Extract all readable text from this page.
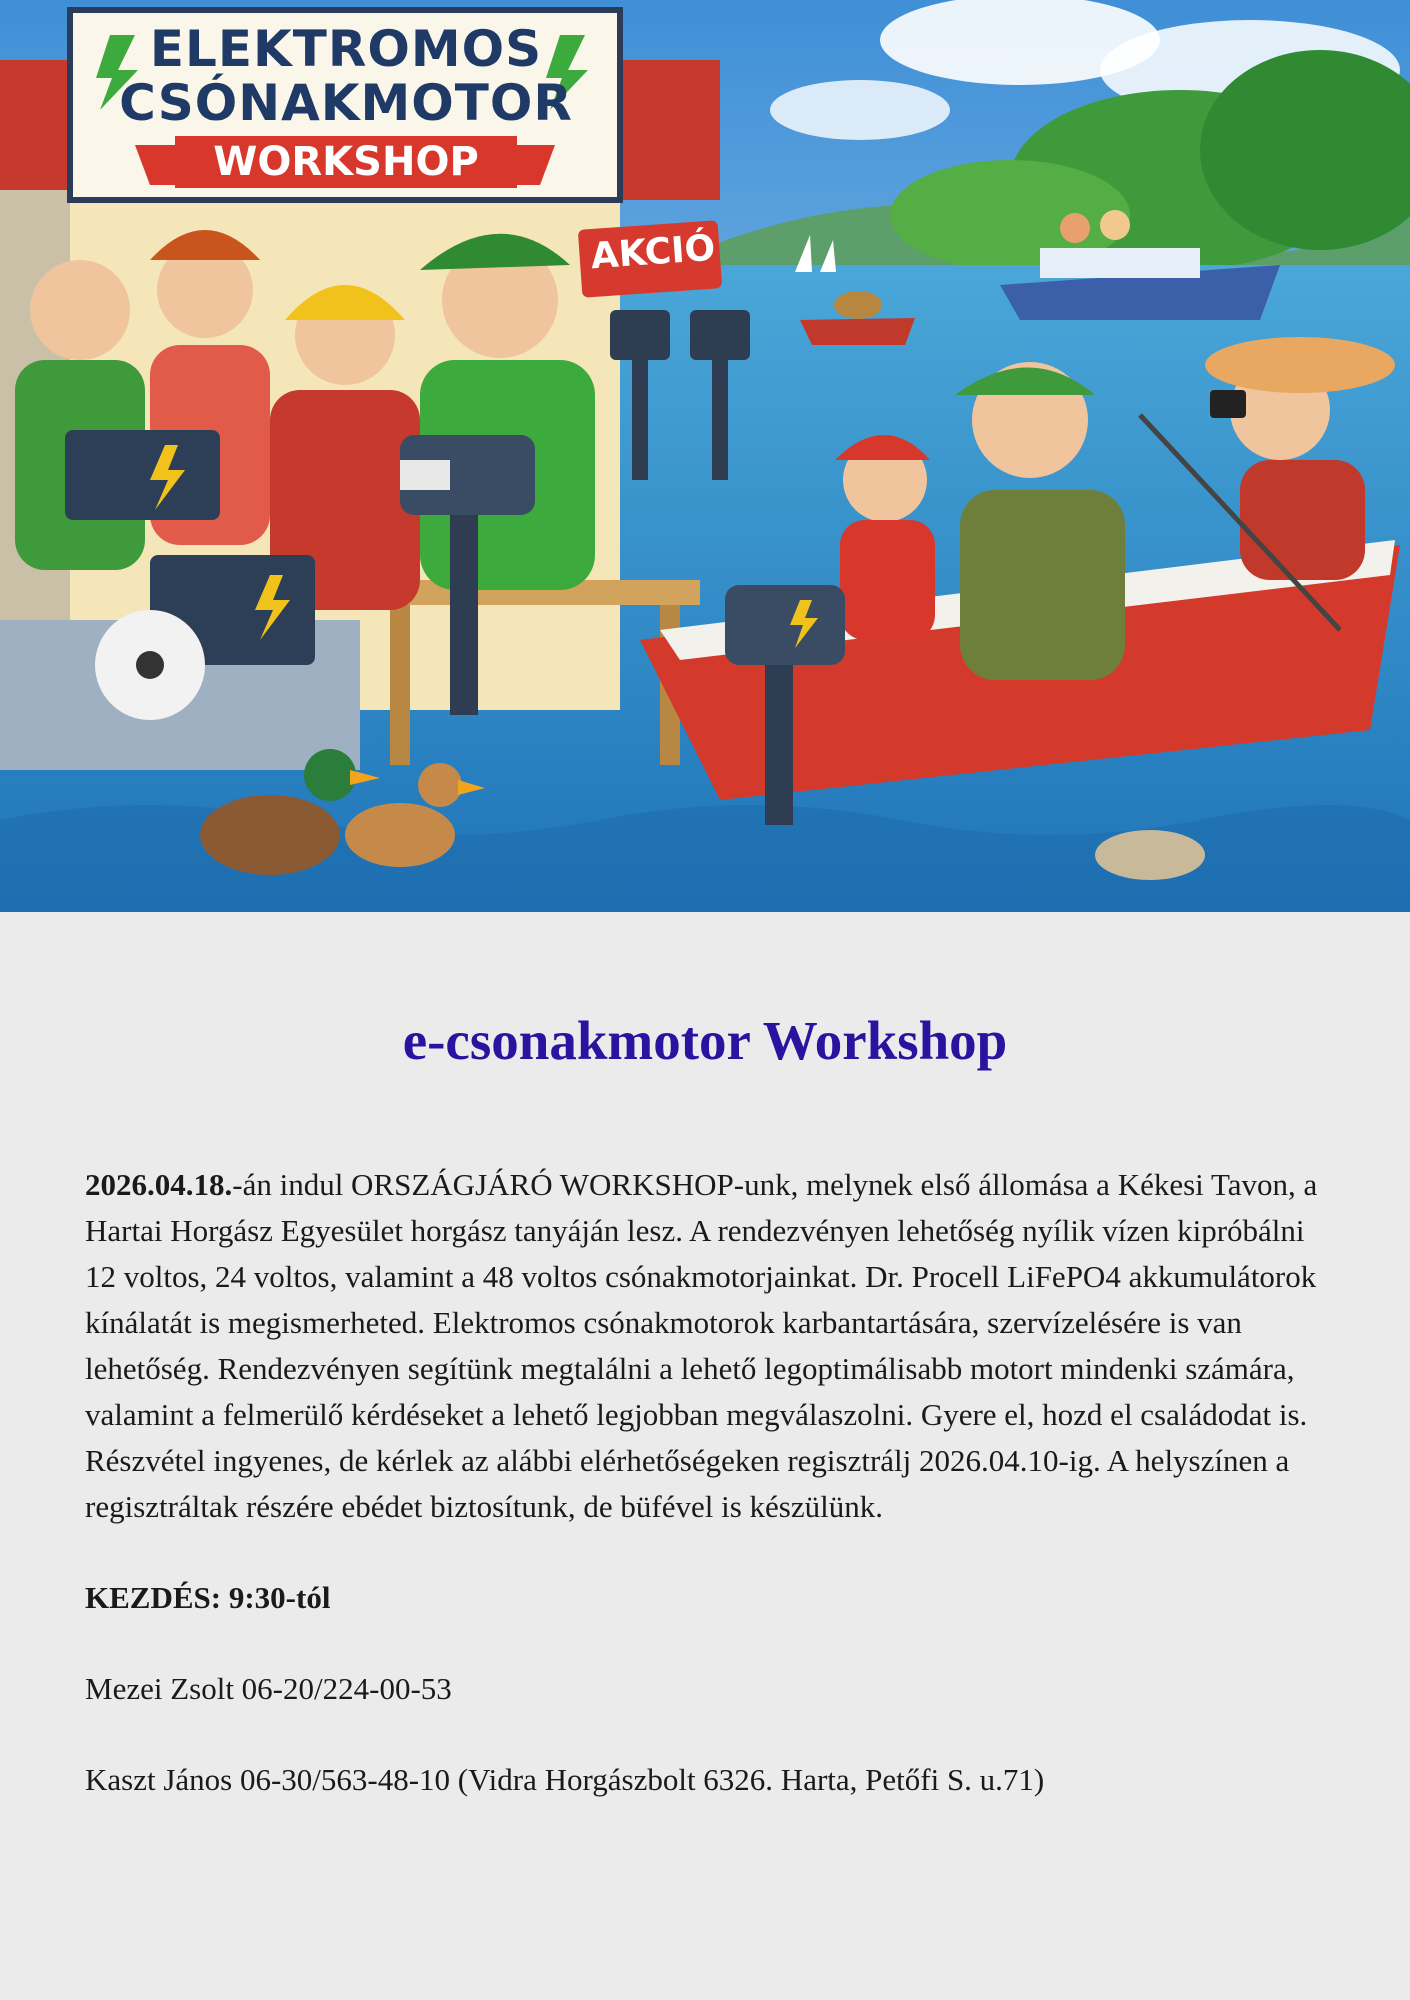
ELEKTROMOS
CSÓNAKMOTOR
WORKSHOP
AKCIÓ
e-csonakmotor Workshop

2026.04.18.-án indul ORSZÁGJÁRÓ WORKSHOP-unk, melynek első állomása a Kékesi Tavon, a Hartai Horgász Egyesület horgász tanyáján lesz. A rendezvényen lehetőség nyílik vízen kipróbálni 12 voltos, 24 voltos, valamint a 48 voltos csónakmotorjainkat. Dr. Procell LiFePO4 akkumulátorok kínálatát is megismerheted. Elektromos csónakmotorok karbantartására, szervízelésére is van lehetőség. Rendezvényen segítünk megtalálni a lehető legoptimálisabb motort mindenki számára, valamint a felmerülő kérdéseket a lehető legjobban megválaszolni. Gyere el, hozd el családodat is. Részvétel ingyenes, de kérlek az alábbi elérhetőségeken regisztrálj 2026.04.10-ig. A helyszínen a regisztráltak részére ebédet biztosítunk, de büfével is készülünk.

KEZDÉS: 9:30-tól

Mezei Zsolt 06-20/224-00-53

Kaszt János 06-30/563-48-10 (Vidra Horgászbolt 6326. Harta, Petőfi S. u.71)
